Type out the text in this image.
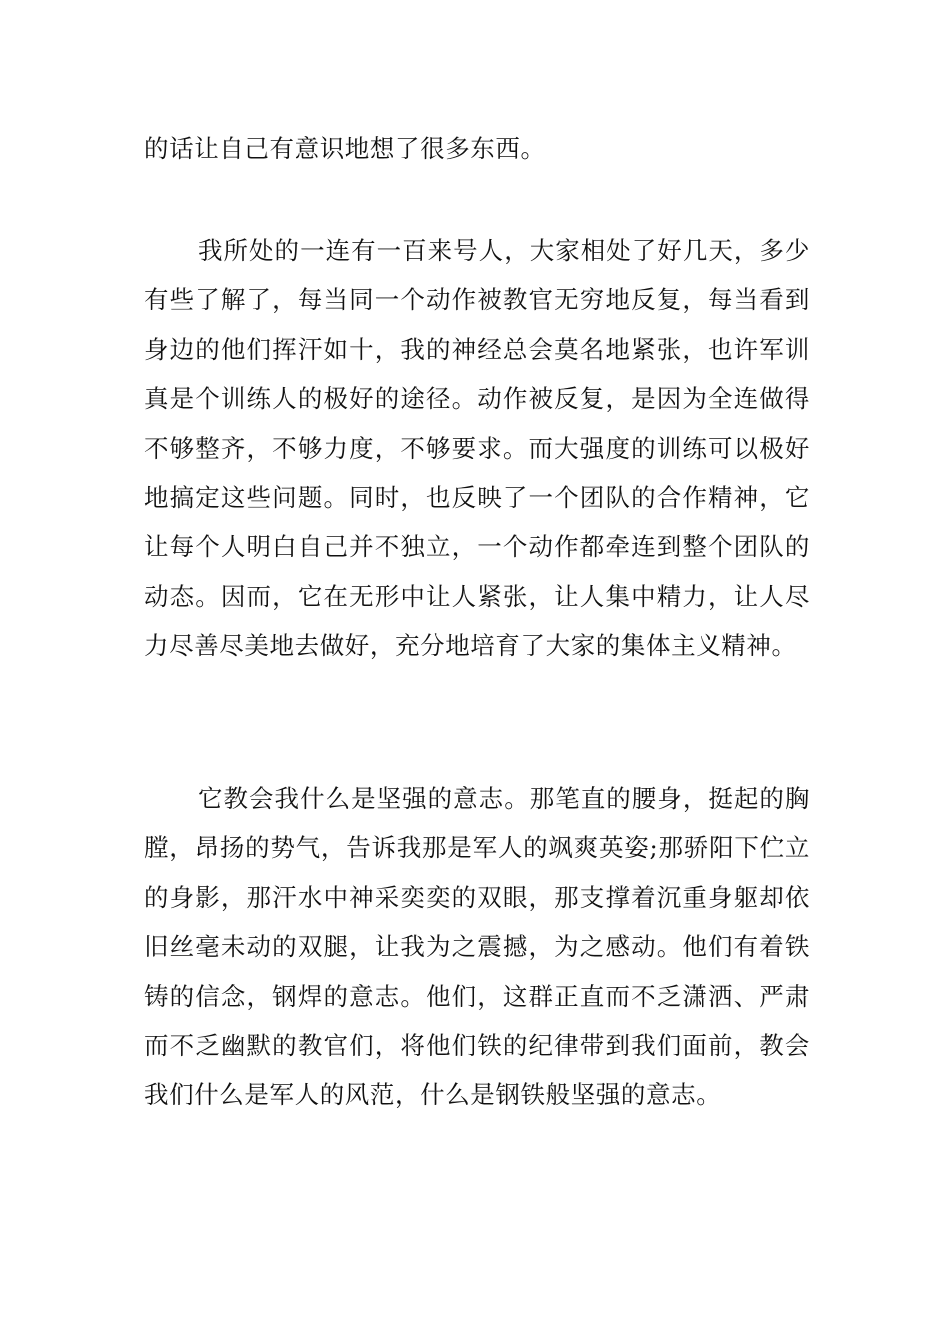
的话让自己有意识地想了很多东西。

我所处的一连有一百来号人，大家相处了好几天，多少有些了解了，每当同一个动作被教官无穷地反复，每当看到身边的他们挥汗如十，我的神经总会莫名地紧张，也许军训真是个训练人的极好的途径。动作被反复，是因为全连做得不够整齐，不够力度，不够要求。而大强度的训练可以极好地搞定这些问题。同时，也反映了一个团队的合作精神，它让每个人明白自己并不独立，一个动作都牵连到整个团队的动态。因而，它在无形中让人紧张，让人集中精力，让人尽力尽善尽美地去做好，充分地培育了大家的集体主义精神。

它教会我什么是坚强的意志。那笔直的腰身，挺起的胸膛，昂扬的势气，告诉我那是军人的飒爽英姿;那骄阳下伫立的身影，那汗水中神采奕奕的双眼，那支撑着沉重身躯却依旧丝毫未动的双腿，让我为之震撼，为之感动。他们有着铁铸的信念，钢焊的意志。他们，这群正直而不乏潇洒、严肃而不乏幽默的教官们，将他们铁的纪律带到我们面前，教会我们什么是军人的风范，什么是钢铁般坚强的意志。
